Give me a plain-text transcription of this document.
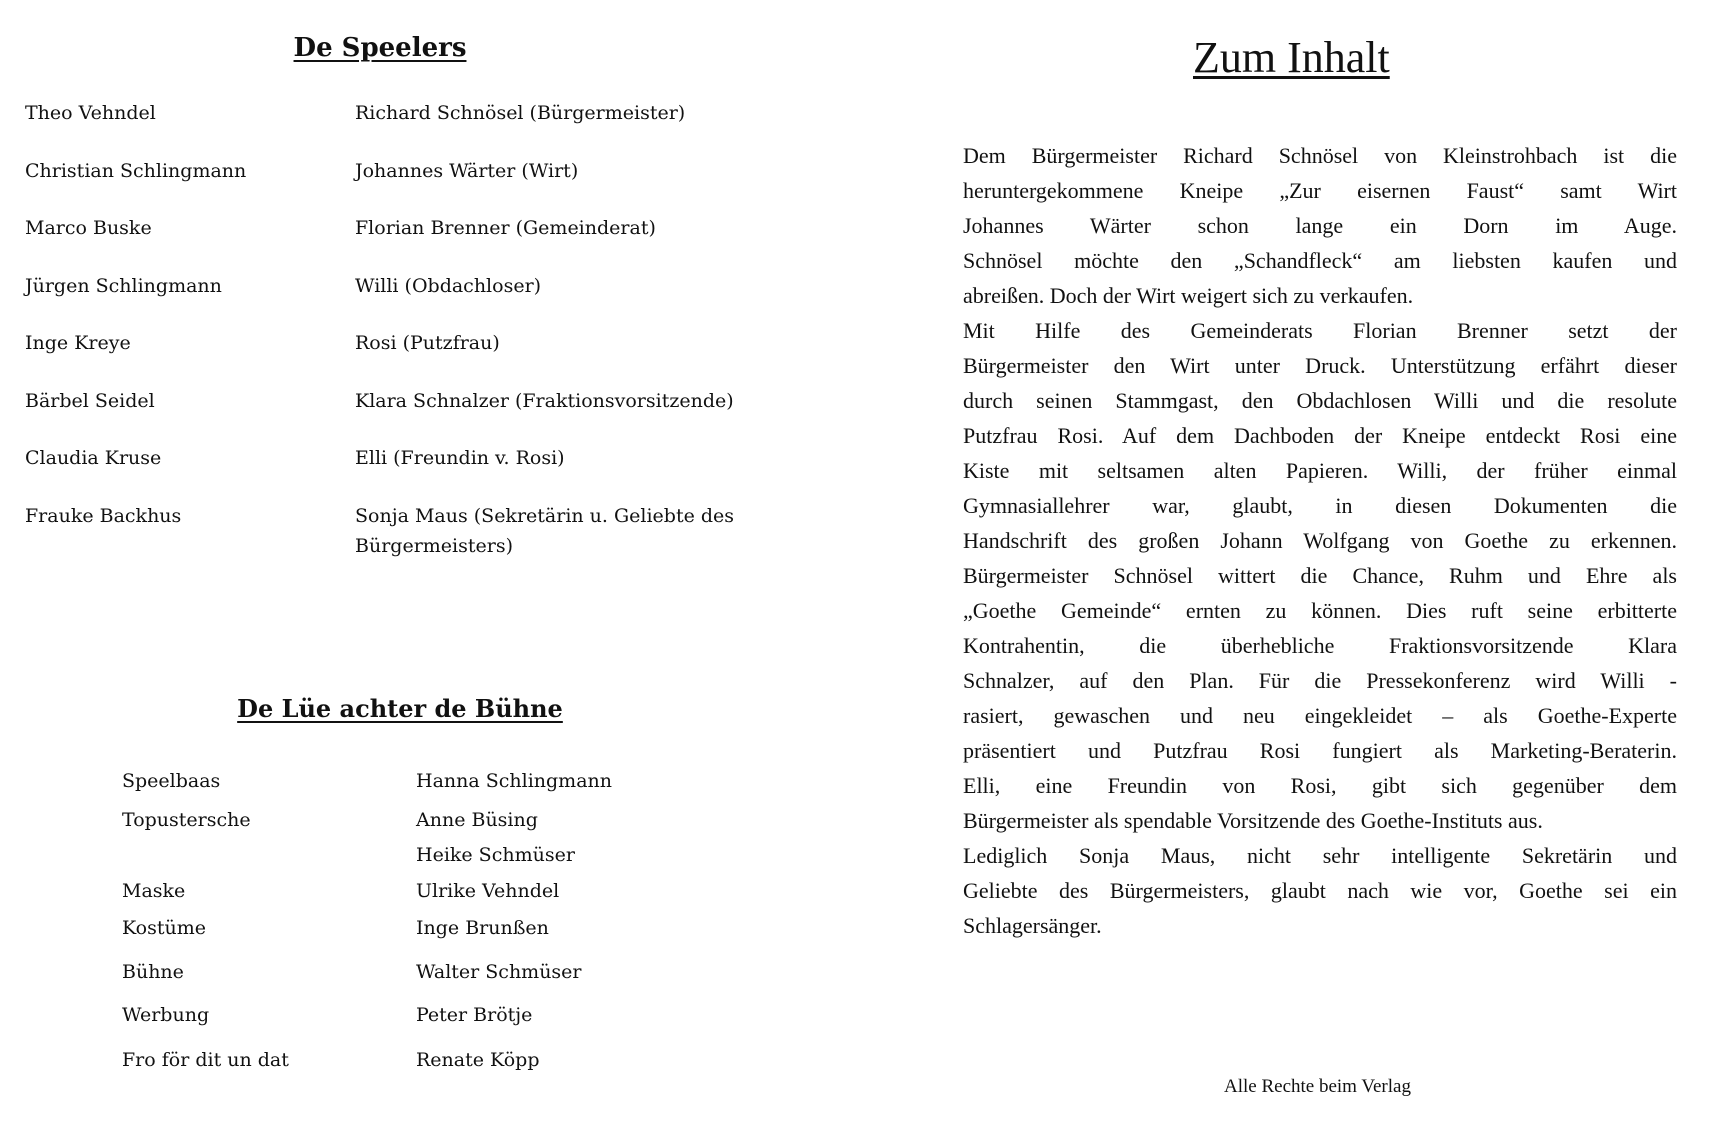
De Speelers
Theo Vehndel	Richard Schnösel (Bürgermeister)
Christian Schlingmann	Johannes Wärter (Wirt)
Marco Buske	Florian Brenner (Gemeinderat)
Jürgen Schlingmann	Willi (Obdachloser)
Inge Kreye	Rosi (Putzfrau)
Bärbel Seidel	Klara Schnalzer (Fraktionsvorsitzende)
Claudia Kruse	Elli (Freundin v. Rosi)
Frauke Backhus	Sonja Maus (Sekretärin u. Geliebte des Bürgermeisters)
De Lüe achter de Bühne
Speelbaas	Hanna Schlingmann
Topustersche	Anne Büsing
Heike Schmüser
Maske	Ulrike Vehndel
Kostüme	Inge Brunßen
Bühne	Walter Schmüser
Werbung	Peter Brötje
Fro för dit un dat	Renate Köpp
Zum Inhalt
Dem Bürgermeister Richard Schnösel von Kleinstrohbach ist die
heruntergekommene Kneipe „Zur eisernen Faust“ samt Wirt
Johannes Wärter schon lange ein Dorn im Auge.
Schnösel möchte den „Schandfleck“ am liebsten kaufen und
abreißen. Doch der Wirt weigert sich zu verkaufen.
Mit Hilfe des Gemeinderats Florian Brenner setzt der
Bürgermeister den Wirt unter Druck. Unterstützung erfährt dieser
durch seinen Stammgast, den Obdachlosen Willi und die resolute
Putzfrau Rosi. Auf dem Dachboden der Kneipe entdeckt Rosi eine
Kiste mit seltsamen alten Papieren. Willi, der früher einmal
Gymnasiallehrer war, glaubt, in diesen Dokumenten die
Handschrift des großen Johann Wolfgang von Goethe zu erkennen.
Bürgermeister Schnösel wittert die Chance, Ruhm und Ehre als
„Goethe Gemeinde“ ernten zu können. Dies ruft seine erbitterte
Kontrahentin, die überhebliche Fraktionsvorsitzende Klara
Schnalzer, auf den Plan. Für die Pressekonferenz wird Willi -
rasiert, gewaschen und neu eingekleidet – als Goethe-Experte
präsentiert und Putzfrau Rosi fungiert als Marketing-Beraterin.
Elli, eine Freundin von Rosi, gibt sich gegenüber dem
Bürgermeister als spendable Vorsitzende des Goethe-Instituts aus.
Lediglich Sonja Maus, nicht sehr intelligente Sekretärin und
Geliebte des Bürgermeisters, glaubt nach wie vor, Goethe sei ein
Schlagersänger.
Alle Rechte beim Verlag
